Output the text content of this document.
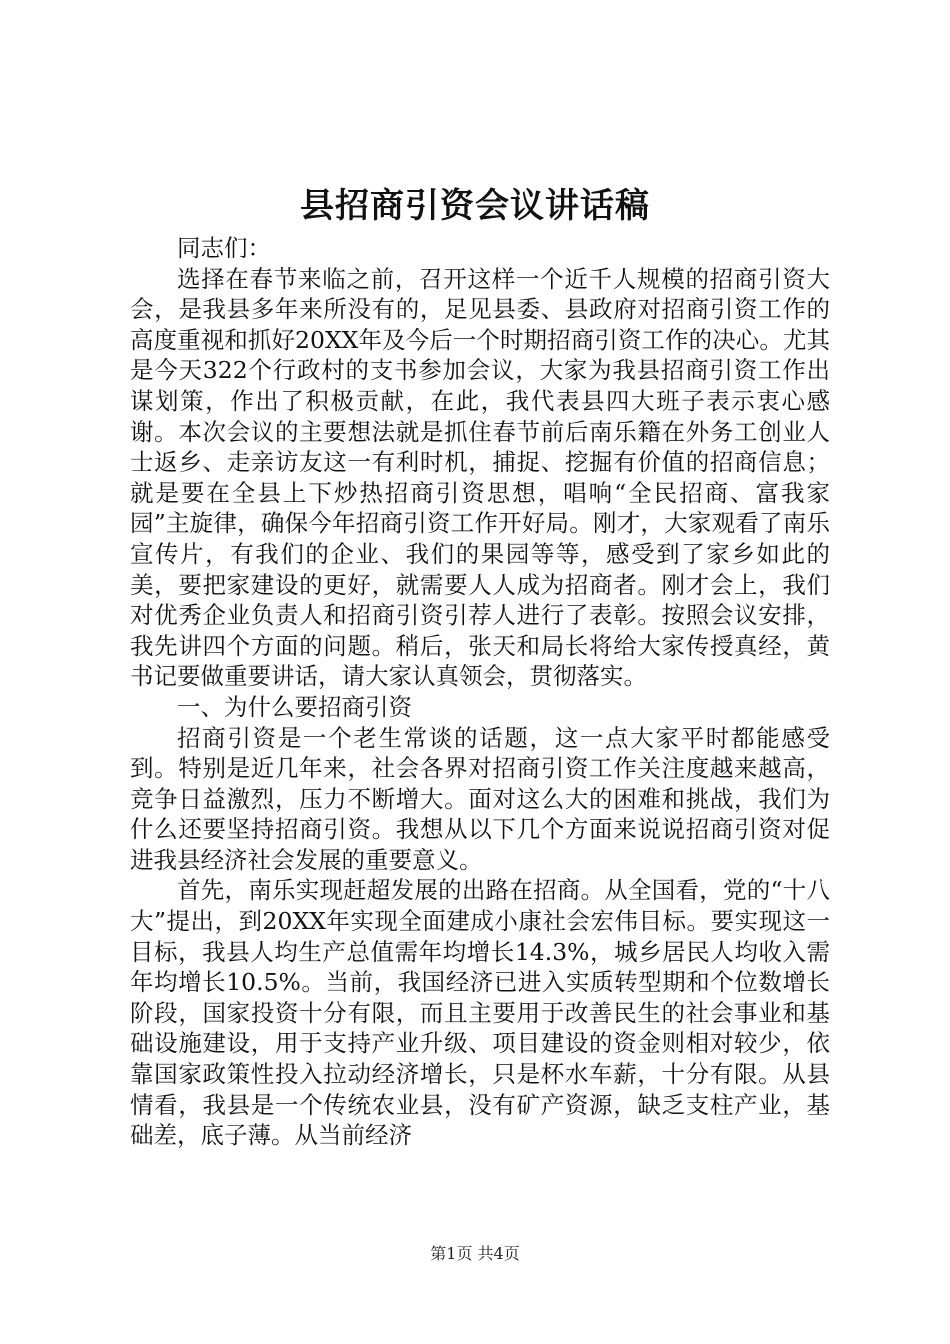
县招商引资会议讲话稿

同志们：

选择在春节来临之前，召开这样一个近千人规模的招商引资大会，是我县多年来所没有的，足见县委、县政府对招商引资工作的高度重视和抓好20XX年及今后一个时期招商引资工作的决心。尤其是今天322个行政村的支书参加会议，大家为我县招商引资工作出谋划策，作出了积极贡献，在此，我代表县四大班子表示衷心感谢。本次会议的主要想法就是抓住春节前后南乐籍在外务工创业人士返乡、走亲访友这一有利时机，捕捉、挖掘有价值的招商信息；就是要在全县上下炒热招商引资思想，唱响“全民招商、富我家园”主旋律，确保今年招商引资工作开好局。刚才，大家观看了南乐宣传片，有我们的企业、我们的果园等等，感受到了家乡如此的美，要把家建设的更好，就需要人人成为招商者。刚才会上，我们对优秀企业负责人和招商引资引荐人进行了表彰。按照会议安排，我先讲四个方面的问题。稍后，张天和局长将给大家传授真经，黄书记要做重要讲话，请大家认真领会，贯彻落实。

一、为什么要招商引资

招商引资是一个老生常谈的话题，这一点大家平时都能感受到。特别是近几年来，社会各界对招商引资工作关注度越来越高，竞争日益激烈，压力不断增大。面对这么大的困难和挑战，我们为什么还要坚持招商引资。我想从以下几个方面来说说招商引资对促进我县经济社会发展的重要意义。

首先，南乐实现赶超发展的出路在招商。从全国看，党的“十八大”提出，到20XX年实现全面建成小康社会宏伟目标。要实现这一目标，我县人均生产总值需年均增长14.3%，城乡居民人均收入需年均增长10.5%。当前，我国经济已进入实质转型期和个位数增长阶段，国家投资十分有限，而且主要用于改善民生的社会事业和基础设施建设，用于支持产业升级、项目建设的资金则相对较少，依靠国家政策性投入拉动经济增长，只是杯水车薪，十分有限。从县情看，我县是一个传统农业县，没有矿产资源，缺乏支柱产业，基础差，底子薄。从当前经济

第1页 共4页
